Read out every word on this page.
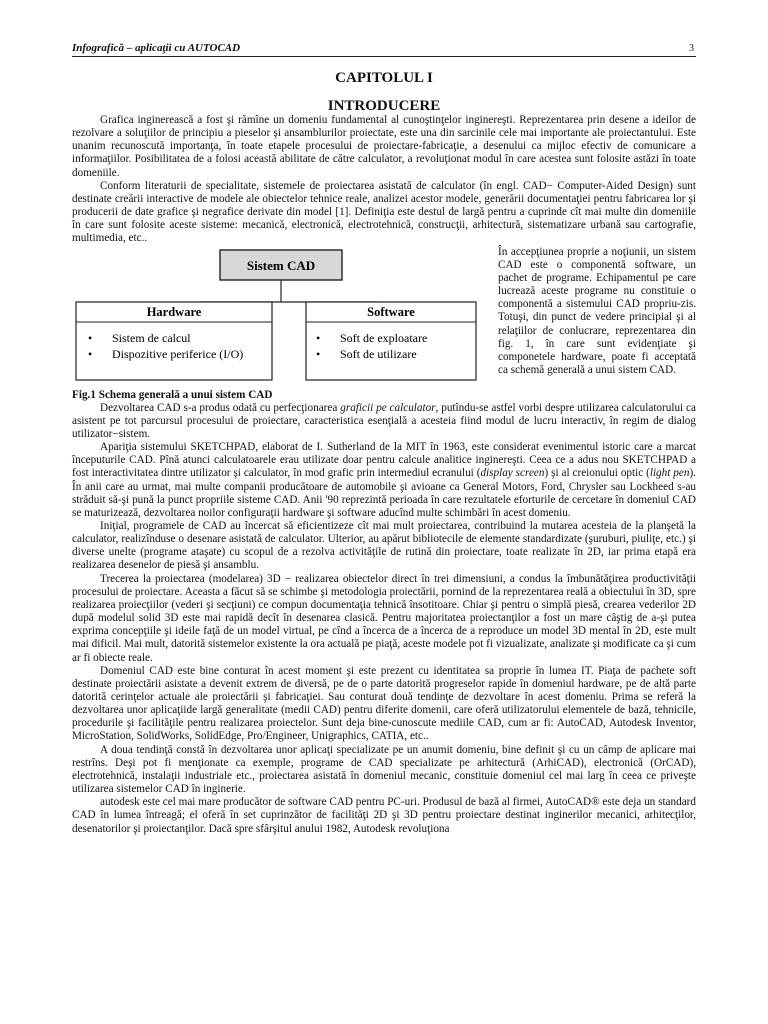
Infografică – aplicaţii cu AUTOCAD	3
CAPITOLUL I
INTRODUCERE

Grafica inginerească a fost şi rămîne un domeniu fundamental al cunoştinţelor inginereşti. Reprezentarea prin desene a ideilor de rezolvare a soluţiilor de principiu a pieselor şi ansamblurilor proiectate, este una din sarcinile cele mai importante ale proiectantului. Este unanim recunoscută importanţa, în toate etapele procesului de proiectare-fabricaţie, a desenului ca mijloc efectiv de comunicare a informaţiilor. Posibilitatea de a folosi această abilitate de către calculator, a revoluţionat modul în care acestea sunt folosite astăzi în toate domeniile.

Conform literaturii de specialitate, sistemele de proiectarea asistată de calculator (în engl. CAD− Computer-Aided Design) sunt destinate creării interactive de modele ale obiectelor tehnice reale, analizei acestor modele, generării documentaţiei pentru fabricarea lor şi producerii de date grafice şi negrafice derivate din model [1]. Definiţia este destul de largă pentru a cuprinde cît mai multe din domeniile în care sunt folosite aceste sisteme: mecanică, electronică, electrotehnică, construcţii, arhitectură, sistematizare urbană sau cartografie, multimedia, etc..

Sistem CAD
Hardware
• Sistem de calcul
• Dispozitive periferice (I/O)
Software
• Soft de exploatare
• Soft de utilizare
Fig.1 Schema generală a unui sistem CAD

În accepţiunea proprie a noţiunii, un sistem CAD este o componentă software, un pachet de programe. Echipamentul pe care lucrează aceste programe nu constituie o componentă a sistemului CAD propriu-zis. Totuşi, din punct de vedere principial şi al relaţiilor de conlucrare, reprezentarea din fig. 1, în care sunt evidenţiate şi componetele hardware, poate fi acceptată ca schemă generală a unui sistem CAD.

Dezvoltarea CAD s-a produs odată cu perfecţionarea graficii pe calculator, putîndu-se astfel vorbi despre utilizarea calculatorului ca asistent pe tot parcursul procesului de proiectare, caracteristica esenţială a acesteia fiind modul de lucru interactiv, în regim de dialog utilizator−sistem.

Apariţia sistemului SKETCHPAD, elaborat de I. Sutherland de la MIT în 1963, este considerat evenimentul istoric care a marcat începuturile CAD. Pînă atunci calculatoarele erau utilizate doar pentru calcule analitice inginereşti. Ceea ce a adus nou SKETCHPAD a fost interactivitatea dintre utilizator şi calculator, în mod grafic prin intermediul ecranului (display screen) şi al creionului optic (light pen). În anii care au urmat, mai multe companii producătoare de automobile şi avioane ca General Motors, Ford, Chrysler sau Lockheed s-au străduit să-şi pună la punct propriile sisteme CAD. Anii '90 reprezintă perioada în care rezultatele eforturile de cercetare în domeniul CAD se maturizează, dezvoltarea noilor configuraţii hardware şi software aducînd multe schimbări în acest domeniu.

Iniţial, programele de CAD au încercat să eficientizeze cît mai mult proiectarea, contribuind la mutarea acesteia de la planşetă la calculator, realizînduse o desenare asistată de calculator. Ulterior, au apărut bibliotecile de elemente standardizate (şuruburi, piuliţe, etc.) şi diverse unelte (programe ataşate) cu scopul de a rezolva activităţile de rutină din proiectare, toate realizate în 2D, iar prima etapă era realizarea desenelor de piesă şi ansamblu.

Trecerea la proiectarea (modelarea) 3D − realizarea obiectelor direct în trei dimensiuni, a condus la îmbunătăţirea productivităţii procesului de proiectare. Aceasta a făcut să se schimbe şi metodologia proiectării, pornind de la reprezentarea reală a obiectului în 3D, spre realizarea proiecţiilor (vederi şi secţiuni) ce compun documentaţia tehnică însotitoare. Chiar şi pentru o simplă piesă, crearea vederilor 2D după modelul solid 3D este mai rapidă decît în desenarea clasică. Pentru majoritatea proiectanţilor a fost un mare câştig de a-şi putea exprima concepţiile şi ideile faţă de un model virtual, pe cînd a încerca de a încerca de a reproduce un model 3D mental în 2D, este mult mai dificil. Mai mult, datorită sistemelor existente la ora actuală pe piaţă, aceste modele pot fi vizualizate, analizate şi modificate ca şi cum ar fi obiecte reale.

Domeniul CAD este bine conturat în acest moment şi este prezent cu identitatea sa proprie în lumea IT. Piaţa de pachete soft destinate proiectării asistate a devenit extrem de diversă, pe de o parte datorită progreselor rapide în domeniul hardware, pe de altă parte datorită cerinţelor actuale ale proiectării şi fabricaţiei. Sau conturat două tendinţe de dezvoltare în acest domeniu. Prima se referă la dezvoltarea unor aplicaţiide largă generalitate (medii CAD) pentru diferite domenii, care oferă utilizatorului elementele de bază, tehnicile, procedurile şi facilităţile pentru realizarea proiectelor. Sunt deja bine-cunoscute mediile CAD, cum ar fi: AutoCAD, Autodesk Inventor, MicroStation, SolidWorks, SolidEdge, Pro/Engineer, Unigraphics, CATIA, etc..

A doua tendinţă constă în dezvoltarea unor aplicaţi specializate pe un anumit domeniu, bine definit şi cu un câmp de aplicare mai restrîns. Deşi pot fi menţionate ca exemple, programe de CAD specializate pe arhitectură (ArhiCAD), electronică (OrCAD), electrotehnică, instalaţii industriale etc., proiectarea asistată în domeniul mecanic, constituie domeniul cel mai larg în ceea ce priveşte utilizarea sistemelor CAD în inginerie.

autodesk este cel mai mare producător de software CAD pentru PC-uri. Produsul de bază al firmei, AutoCAD® este deja un standard CAD în lumea întreagă; el oferă în set cuprinzător de facilităţi 2D şi 3D pentru proiectare destinat inginerilor mecanici, arhitecţilor, desenatorilor şi proiectanţilor. Dacă spre sfârşitul anului 1982, Autodesk revoluţiona
